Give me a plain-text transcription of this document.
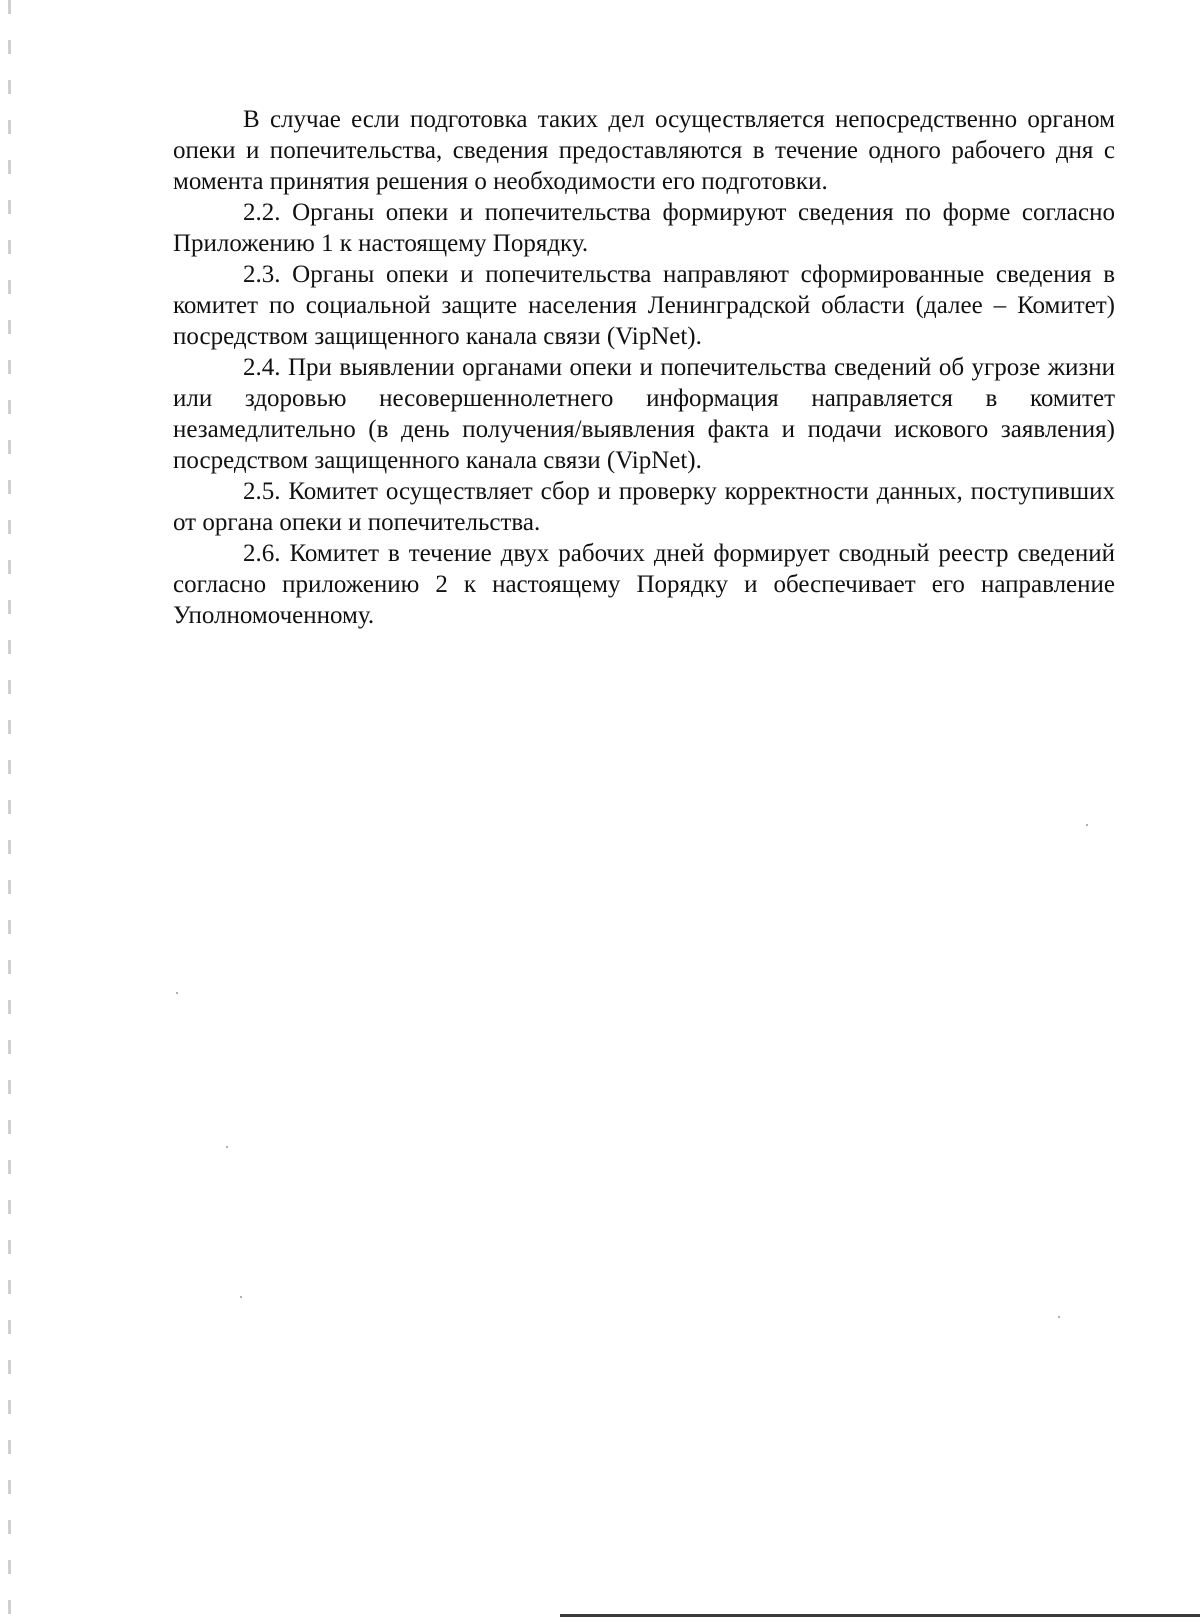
В случае если подготовка таких дел осуществляется непосредственно органом опеки и попечительства, сведения предоставляются в течение одного рабочего дня с момента принятия решения о необходимости его подготовки.

2.2. Органы опеки и попечительства формируют сведения по форме согласно Приложению 1 к настоящему Порядку.

2.3. Органы опеки и попечительства направляют сформированные сведения в комитет по социальной защите населения Ленинградской области (далее – Комитет) посредством защищенного канала связи (VipNet).

2.4. При выявлении органами опеки и попечительства сведений об угрозе жизни или здоровью несовершеннолетнего информация направляется в комитет незамедлительно (в день получения/выявления факта и подачи искового заявления) посредством защищенного канала связи (VipNet).

2.5. Комитет осуществляет сбор и проверку корректности данных, поступивших от органа опеки и попечительства.

2.6. Комитет в течение двух рабочих дней формирует сводный реестр сведений согласно приложению 2 к настоящему Порядку и обеспечивает его направление Уполномоченному.
